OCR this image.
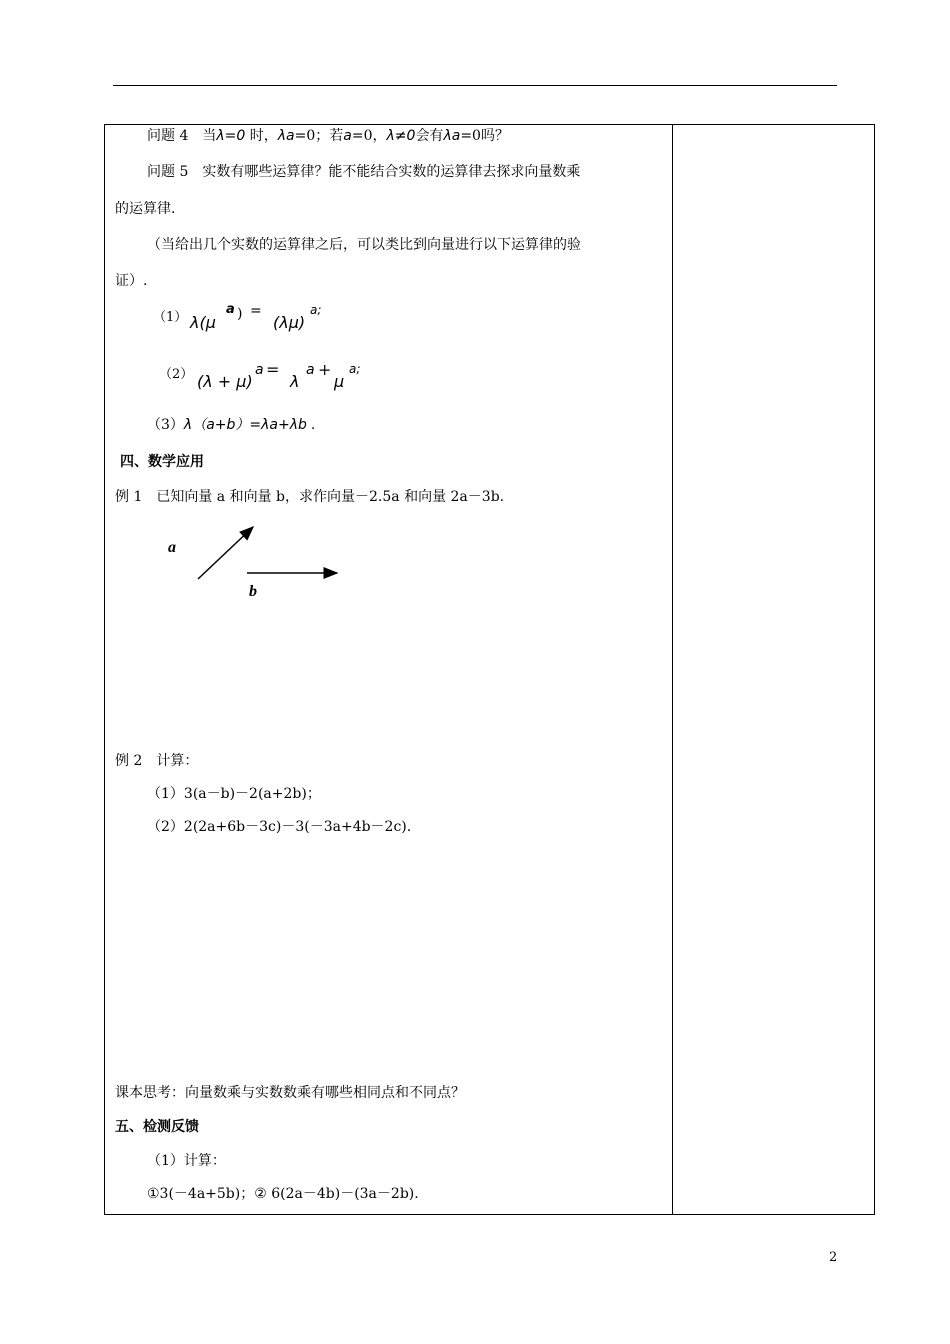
问题 4　当λ=0 时，λa=0；若a=0，λ≠0会有λa=0吗？
问题 5　实数有哪些运算律？能不能结合实数的运算律去探求向量数乘
的运算律.
（当给出几个实数的运算律之后，可以类比到向量进行以下运算律的验
证）.
（1） λ(μ
a ) =
(λμ)
a;
（2） (λ + μ)
a =
λ
a +
μ
a;
（3）λ（a+b）=λa+λb .
四、数学应用
例 1　已知向量 a 和向量 b，求作向量－2.5a 和向量 2a－3b.
a
b
例 2　计算：
（1）3(a－b)－2(a+2b)；
（2）2(2a+6b－3c)－3(－3a+4b－2c).
课本思考：向量数乘与实数数乘有哪些相同点和不同点？
五、检测反馈
（1）计算：
①3(－4a+5b)；② 6(2a－4b)－(3a－2b).
2
